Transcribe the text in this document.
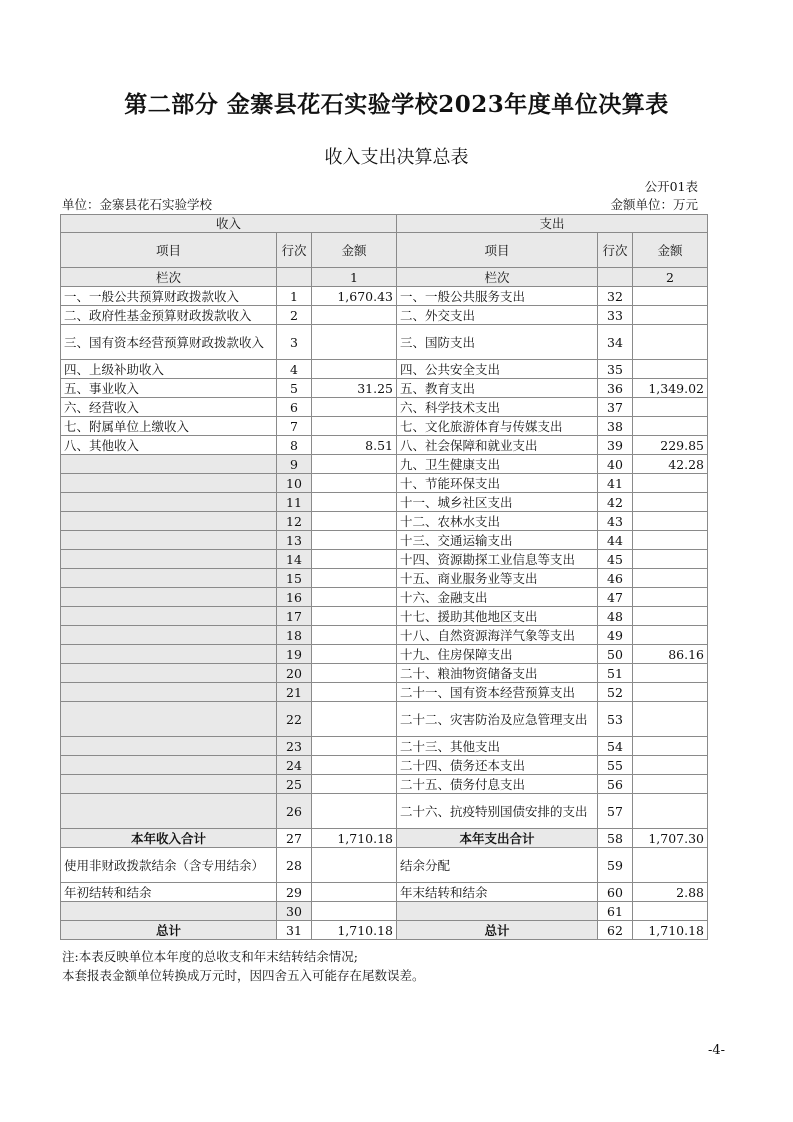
第二部分 金寨县花石实验学校2023年度单位决算表
收入支出决算总表
公开01表
单位：金寨县花石实验学校	金额单位：万元
收入			支出		
项目	行次	金额	项目	行次	金额
栏次		1	栏次		2
一、一般公共预算财政拨款收入	1	1,670.43	一、一般公共服务支出	32	
二、政府性基金预算财政拨款收入	2		二、外交支出	33	
三、国有资本经营预算财政拨款收入	3		三、国防支出	34	
四、上级补助收入	4		四、公共安全支出	35	
五、事业收入	5	31.25	五、教育支出	36	1,349.02
六、经营收入	6		六、科学技术支出	37	
七、附属单位上缴收入	7		七、文化旅游体育与传媒支出	38	
八、其他收入	8	8.51	八、社会保障和就业支出	39	229.85
	9		九、卫生健康支出	40	42.28
	10		十、节能环保支出	41	
	11		十一、城乡社区支出	42	
	12		十二、农林水支出	43	
	13		十三、交通运输支出	44	
	14		十四、资源勘探工业信息等支出	45	
	15		十五、商业服务业等支出	46	
	16		十六、金融支出	47	
	17		十七、援助其他地区支出	48	
	18		十八、自然资源海洋气象等支出	49	
	19		十九、住房保障支出	50	86.16
	20		二十、粮油物资储备支出	51	
	21		二十一、国有资本经营预算支出	52	
	22		二十二、灾害防治及应急管理支出	53	
	23		二十三、其他支出	54	
	24		二十四、债务还本支出	55	
	25		二十五、债务付息支出	56	
	26		二十六、抗疫特别国债安排的支出	57	
本年收入合计	27	1,710.18	本年支出合计	58	1,707.30
使用非财政拨款结余（含专用结余）	28		结余分配	59	
年初结转和结余	29		年末结转和结余	60	2.88
	30			61	
总计	31	1,710.18	总计	62	1,710.18
注:本表反映单位本年度的总收支和年末结转结余情况;
本套报表金额单位转换成万元时，因四舍五入可能存在尾数误差。
-4-
